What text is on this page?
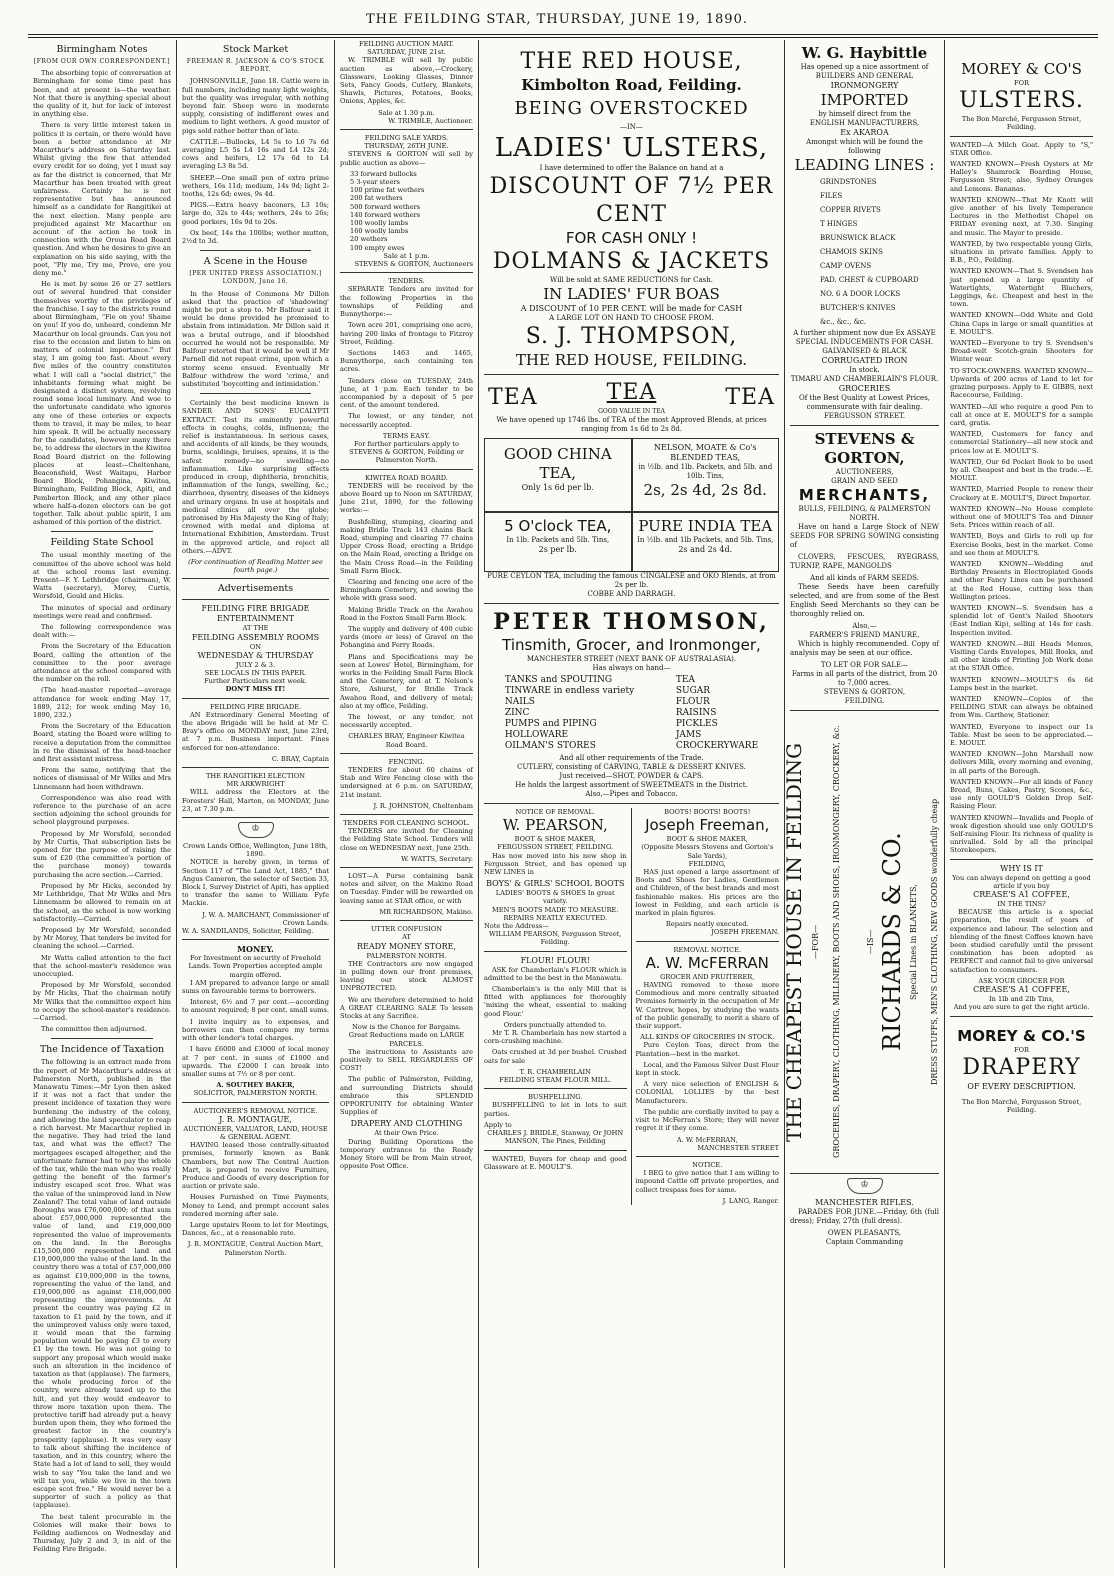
THE FEILDING STAR, THURSDAY, JUNE 19, 1890.
Birmingham Notes
[FROM OUR OWN CORRESPONDENT.]

The absorbing topic of conversation at Birmingham for some time past has been, and at present is—the weather. Not that there is anything special about the quality of it, but for lack of interest in anything else.

There is very little interest taken in politics it is certain, or there would have been a better attendance at Mr Macarthur's address on Saturday last. Whilst giving the few that attended every credit for so doing, yet I must say as far the district is concerned, that Mr Macarthur has been treated with great unfairness. Certainly he is not representative but has announced himself as a candidate for Rangitikei at the next election. Many people are prejudiced against Mr Macarthur on account of the action he took in connection with the Oroua Road Board question. And when he desires to give an explanation on his side saying, with the poet, "Ply me, Try me, Prove, ere you deny me."

He is met by some 26 or 27 settlers out of several hundred that consider themselves worthy of the privileges of the franchise. I say to the districts round about Birmingham, "Fie on you! Shame on you! If you do, unheard, condemn Mr Macarthur on local grounds. Can you not rise to the occasion and listen to him on matters of colonial importance." But stay, I am going too fast. About every five miles of the country constitutes what I will call a "social district," the inhabitants forming what might be designated a distinct system, revolving round some local luminary. And woe to the unfortunate candidate who ignores any one of these coteries or expects them to travel, it may be miles, to hear him speak. It will be actually necessary for the candidates, however many there be, to address the electors in the Kiwitea Road Board district on the following places at least—Cheltenham, Beaconsfield, West Waitapu, Harbor Board Block, Pohangina, Kiwitea, Birmingham, Feilding Block, Apiti, and Pemberton Block, and any other place where half-a-dozen electors can be got together. Talk about public spirit, I am ashamed of this portion of the district.

Feilding State School

The usual monthly meeting of the committee of the above school was held at the school rooms last evening. Present—F. Y. Lethbridge (chairman), W. Watts (secretary), Morey, Curtis, Worsfold, Gould and Hicks.

The minutes of special and ordinary meetings were read and confirmed.

The following correspondence was dealt with:—

From the Secretary of the Education Board, calling the attention of the committee to the poor average attendance at the school compared with the number on the roll.

(The head-master reported—average attendance for week ending May 17, 1889, 212; for week ending May 16, 1890, 232.)

From the Secretary of the Education Board, stating the Board were willing to receive a deputation from the committee in re the dismissal of the head-teacher and first assistant mistress.

From the same, notifying that the notices of dismissal of Mr Wilks and Mrs Linnemann had been withdrawn.

Correspondence was also read with reference to the purchase of an acre section adjoining the school grounds for school playground purposes.

Proposed by Mr Worsfold, seconded by Mr Curtis, That subscription lists be opened for the purpose of raising the sum of £20 (the committee's portion of the purchase money) towards purchasing the acre section.—Carried.

Proposed by Mr Hicks, seconded by Mr Lethbridge, That Mr Wilks and Mrs Linnemann be allowed to remain on at the school, as the school is now working satisfactorily.—Carried.

Proposed by Mr Worsfold, seconded by Mr Morey, That tenders be invited for cleaning the school.—Carried.

Mr Watts called attention to the fact that the school-master's residence was unoccupied.

Proposed by Mr Worsfold, seconded by Mr Hicks, That the chairman notify Mr Wilks that the committee expect him to occupy the school-master's residence.—Carried.

The committee then adjourned.

The Incidence of Taxation

The following is an extract made from the report of Mr Macarthur's address at Palmerston North, published in the Manawatu Times:—Mr Lyon then asked if it was not a fact that under the present incidence of taxation they were burdening the industry of the colony, and allowing the land speculator to reap a rich harvest. Mr Macarthur replied in the negative. They had tried the land tax, and what was the effect? The mortgagees escaped altogether, and the unfortunate farmer had to pay the whole of the tax, while the man who was really getting the benefit of the farmer's industry escaped scot free. What was the value of the unimproved land in New Zealand? The total value of land outside Boroughs was £76,000,000; of that sum about £57,000,000 represented the value of land, and £19,000,000 represented the value of improvements on the land. In the Boroughs £15,500,000 represented land and £19,000,000 the value of the land. In the country there was a total of £57,000,000 as against £19,000,000 in the towns, representing the value of the land, and £19,000,000 as against £18,000,000 representing the improvements. At present the country was paying £2 in taxation to £1 paid by the town, and if the unimproved values only were taxed, it would mean that the farming population would be paying £3 to every £1 by the town. He was not going to support any proposal which would make such an alteration in the incidence of taxation as that (applause). The farmers, the whole producing force of the country, were already taxed up to the hilt, and yet they would endeavor to throw more taxation upon them. The protective tariff had already put a heavy burden upon them, they who formed the greatest factor in the country's prosperity (applause). It was very easy to talk about shifting the incidence of taxation, and in this country, where the State had a lot of land to sell, they would wish to say "You take the land and we will tax you, while we live in the town escape scot free." He would never be a supporter of such a policy as that (applause).

The best talent procurable in the Colonies will make their bows to Feilding audiences on Wednesday and Thursday, July 2 and 3, in aid of the Feilding Fire Brigade.

Stock Market
FREEMAN R. JACKSON & CO'S STOCK REPORT.

JOHNSONVILLE, June 18. Cattle were in full numbers, including many light weights, but the quality was irregular, with nothing beyond fair. Sheep were in moderate supply, consisting of indifferent ewes and medium to light wethers. A good muster of pigs sold rather better than of late.

CATTLE.—Bullocks, L4 5s to L6 7s 6d averaging L5 5s L4 16s and L4 12s 2d; cows and heifers, L2 17s 6d to L4 averaging L3 8s 5d.

SHEEP.—One small pen of extra prime wethers, 16s 11d; medium, 14s 9d; light 2-tooths, 12s 6d; ewes, 9s 4d.

PIGS.—Extra heavy baconers, L3 10s; large do, 32s to 44s; wethers, 24s to 26s; good porkers, 16s 9d to 20s.

Ox beef, 14s the 100lbs; wether mutton, 2½d to 3d.

A Scene in the House
[PER UNITED PRESS ASSOCIATION.] LONDON, June 16.

In the House of Commons Mr Dillon asked that the practice of 'shadowing' might be put a stop to. Mr Balfour said it would be done provided he promised to abstain from intimidation. Mr Dillon said it was a brutal outrage, and if bloodshed occurred he would not be responsible. Mr Balfour retorted that it would be well if Mr Parnell did not repeat crime, upon which a stormy scene ensued. Eventually Mr Balfour withdrew the word 'crime,' and substituted 'boycotting and intimidation.'

Certainly the best medicine known is SANDER AND SONS' EUCALYPTI EXTRACT. Test its eminently powerful effects in coughs, colds, influenza; the relief is instantaneous. In serious cases, and accidents of all kinds, be they wounds, burns, scaldings, bruises, sprains, it is the safest remedy—no swelling—no inflammation. Like surprising effects produced in croup, diphtheria, bronchitis, inflammation of the lungs, swelling, &c.; diarrhoea, dysentry, diseases of the kidneys and urinary organs. In use at hospitals and medical clinics all over the globe; patronised by His Majesty the King of Italy; crowned with medal and diploma at International Exhibition, Amsterdam. Trust in the approved article, and reject all others.—ADVT.

(For continuation of Reading Matter see fourth page.)
Advertisements
FEILDING FIRE BRIGADE ENTERTAINMENT
AT THE
FEILDING ASSEMBLY ROOMS
ON
WEDNESDAY & THURSDAY
JULY 2 & 3.
SEE LOCALS IN THIS PAPER.
Further Particulars next week.
DON'T MISS IT!
FEILDING FIRE BRIGADE.

AN Extraordinary General Meeting of the above Brigade will be held at Mr C. Bray's office on MONDAY next, June 23rd, at 7 p.m. Business important. Fines enforced for non-attendance.

C. BRAY, Captain
THE RANGITIKEI ELECTION
MR ARKWRIGHT

WILL address the Electors at the Foresters' Hall, Marton, on MONDAY, June 23, at 7.30 p.m.

♔
Crown Lands Office, Wellington, June 18th, 1890.

NOTICE is hereby given, in terms of Section 117 of "The Land Act, 1885," that Angus Cameron, the selector of Section 33, Block I, Survey District of Apiti, has applied to transfer the same to William Fyfe Mackie.

J. W. A. MARCHANT, Commissioner of Crown Lands.
W. A. SANDILANDS, Solicitor, Feilding.
MONEY.
For Investment on security of Freehold Lands. Town Properties accepted ample margin offered.

I AM prepared to advance large or small sums on favourable terms to borrowers.

Interest, 6½ and 7 per cent.—according to amount required; 8 per cent. small sums.

I invite inquiry as to expenses, and borrowers can then compare my terms with other lender's total charges.

I have £6000 and £3000 of local money at 7 per cent. in sums of £1000 and upwards. The £2000 I can break into smaller sums at 7½ or 8 per cent.

A. SOUTHEY BAKER,
SOLICITOR, PALMERSTON NORTH.
AUCTIONEER'S REMOVAL NOTICE.
J. R. MONTAGUE,
AUCTIONEER, VALUATOR, LAND, HOUSE & GENERAL AGENT.

HAVING leased those centrally-situated premises, formerly known as Bank Chambers, but now The Central Auction Mart, is prepared to receive Furniture, Produce and Goods of every description for auction or private sale.

Houses Furnished on Time Payments, Money to Lend, and prompt account sales rendered morning after sale.

Large upstairs Room to let for Meetings, Dances, &c., at a reasonable rate.

J. R. MONTAGUE, Central Auction Mart, Palmerston North.
FEILDING AUCTION MART.
SATURDAY, JUNE 21st.

W. TRIMBLE will sell by public auction as above,—Crockery, Glassware, Looking Glasses, Dinner Sets, Fancy Goods, Cutlery, Blankets, Shawls, Pictures, Potatoes, Books, Onions, Apples, &c.

Sale at 1.30 p.m.
W. TRIMBLE, Auctioneer.
FEILDING SALE YARDS.
THURSDAY, 26TH JUNE.

STEVENS & GORTON will sell by public auction as above—

33 forward bullocks
5 3-year steers
100 prime fat wethers
200 fat wethers
500 forward wethers
140 forward wethers
100 woolly lambs
160 woolly lambs
20 wethers
100 empty ewes
Sale at 1 p.m.
STEVENS & GORTON, Auctioneers
TENDERS.

SEPARATE Tenders are invited for the following Properties in the townships of Feilding and Bunnythorpe:—

Town acre 201, comprising one acre, having 200 links of frontage to Fitzroy Street, Feilding.

Sections 1463 and 1465, Bunnythorpe, each containing ten acres.

Tenders close on TUESDAY, 24th June, at 1 p.m. Each tender to be accompanied by a deposit of 5 per cent. of the amount tendered.

The lowest, or any tender, not necessarily accepted.

TERMS EASY.
For further particulars apply to
STEVENS & GORTON, Feilding or Palmerston North.
KIWITEA ROAD BOARD.

TENDERS will be received by the above Board up to Noon on SATURDAY, June 21st, 1890, for the following works:—

Bushfelling, stumping, clearing and making Bridle Track 143 chains Back Road, stumping and clearing 77 chains Upper Cross Road, erecting a Bridge on the Main Road, erecting a Bridge on the Main Cross Road—in the Feilding Small Farm Block.

Clearing and fencing one acre of the Birmingham Cemetery, and sowing the whole with grass seed.

Making Bridle Track on the Awahou Road in the Foxton Small Farm Block.

The supply and delivery of 400 cubic yards (more or less) of Gravel on the Pohangina and Ferry Roads.

Plans and Specifications may be seen at Lowes' Hotel, Birmingham, for works in the Feilding Small Farm Block and the Cemetery, and at T. Nelson's Store, Ashurst, for Bridle Track Awahou Road, and delivery of metal; also at my office, Feilding.

The lowest, or any tender, not necessarily accepted.

CHARLES BRAY, Engineer Kiwitea Road Board.
FENCING.

TENDERS for about 60 chains of Stab and Wire Fencing close with the undersigned at 6 p.m. on SATURDAY, 21st instant.

J. R. JOHNSTON, Cheltenham
TENDERS FOR CLEANING SCHOOL.

TENDERS are invited for Cleaning the Feilding State School. Tenders will close on WEDNESDAY next, June 25th.

W. WATTS, Secretary.

LOST—A Purse containing bank notes and silver, on the Makino Road on Tuesday. Finder will be rewarded on leaving same at STAR office, or with

MR RICHARDSON, Makino.
UTTER CONFUSION
AT
READY MONEY STORE,
PALMERSTON NORTH.

THE Contractors are now engaged in pulling down our front premises, leaving our stock ALMOST UNPROTECTED.

We are therefore determined to hold A GREAT CLEARING SALE To lessen Stocks at any Sacrifice.

Now is the Chance for Bargains.
Great Reductions made on LARGE PARCELS.

The instructions to Assistants are positively to SELL REGARDLESS OF COST!

The public of Palmerston, Feilding, and surrounding Districts should embrace this SPLENDID OPPORTUNITY for obtaining Winter Supplies of

DRAPERY AND CLOTHING
At their Own Price.

During Building Operations the temporary entrance to the Ready Money Store will be from Main street, opposite Post Office.

THE RED HOUSE,
Kimbolton Road, Feilding.
BEING OVERSTOCKED
—IN—
LADIES' ULSTERS,
I have determined to offer the Balance on hand at a
DISCOUNT OF 7½ PER CENT
FOR CASH ONLY !
DOLMANS & JACKETS
Will be sold at SAME REDUCTIONS for Cash.
IN LADIES' FUR BOAS
A DISCOUNT of 10 PER CENT. will be made for CASH
A LARGE LOT ON HAND TO CHOOSE FROM.
S. J. THOMPSON,
THE RED HOUSE, FEILDING.
TEA	TEA
GOOD VALUE IN TEA
TEA
We have opened up 1746 lbs. of TEA of the most Approved Blends, at prices ranging from 1s 6d to 2s 8d.
GOOD CHINA TEA,
Only 1s 6d per lb.
NELSON, MOATE & Co's BLENDED TEAS,
in ½lb. and 1lb. Packets, and 5lb. and 10lb. Tins,
2s, 2s 4d, 2s 8d.
5 O'clock TEA,
In 1lb. Packets and 5lb. Tins,
2s per lb.
PURE INDIA TEA
In ½lb. and 1lb Packets, and 5lb. Tins,
2s and 2s 4d.
PURE CEYLON TEA, including the famous CINGALESE and OKO Blends, at from 2s per lb.
COBBE AND DARRAGH.
PETER THOMSON,
Tinsmith, Grocer, and Ironmonger,
MANCHESTER STREET (NEXT BANK OF AUSTRALASIA).
Has always on hand—
TANKS and SPOUTING
TINWARE in endless variety
NAILS
ZINC
PUMPS and PIPING
HOLLOWARE
OILMAN'S STORES
TEA
SUGAR
FLOUR
RAISINS
PICKLES
JAMS
CROCKERYWARE
And all other requirements of the Trade.
CUTLERY, consisting of CARVING, TABLE & DESSERT KNIVES.
Just received—SHOT, POWDER & CAPS.
He holds the largest assortment of SWEETMEATS in the District.
Also,—Pipes and Tobacco.
NOTICE OF REMOVAL.
W. PEARSON,
BOOT & SHOE MAKER,
FERGUSSON STREET, FEILDING.

Has now moved into his new shop in Fergusson Street, and has opened up NEW LINES in

BOYS' & GIRLS' SCHOOL BOOTS
LADIES' BOOTS & SHOES In great variety.
MEN'S BOOTS MADE TO MEASURE.
REPAIRS NEATLY EXECUTED.
Note the Address—
WILLIAM PEARSON, Fergusson Street, Feilding.
FLOUR! FLOUR!

ASK for Chamberlain's FLOUR which is admitted to be the best in the Manawatu.

Chamberlain's is the only Mill that is fitted with appliances for thoroughly 'mixing the wheat, essential to making good Flour.'

Orders punctually attended to.

Mr T. R. Chamberlain has now started a corn-crushing machine.

Oats crushed at 3d per bushel. Crushed oats for sale

T. R. CHAMBERLAIN
FEILDING STEAM FLOUR MILL.
BUSHFELLING.

BUSHFELLING to let in lots to suit parties.

Apply to
CHARLES J. BRIDLE, Stanway, Or JOHN MANSON, The Pines, Feilding

WANTED, Buyers for cheap and good Glassware at E. MOULT'S.

BOOTS! BOOTS! BOOTS!
Joseph Freeman,
BOOT & SHOE MAKER,
(Opposite Messrs Stevens and Gorton's Sale Yards),
FEILDING,

HAS just opened a large assortment of Boots and Shoes for Ladies, Gentlemen and Children, of the best brands and most fashionable makes. His prices are the lowest in Feilding, and each article is marked in plain figures.

Repairs neatly executed.
JOSEPH FREEMAN.
REMOVAL NOTICE.
A. W. McFERRAN
GROCER AND FRUITERER,

HAVING removed to those more Commodious and more centrally situated Premises formerly in the occupation of Mr W. Cartrew, hopes, by studying the wants of the public generally, to merit a share of their support.

ALL KINDS OF GROCERIES IN STOCK.

Pure Ceylon Teas, direct from the Plantation—best in the market.

Local, and the Famous Silver Dust Flour kept in stock.

A very nice selection of ENGLISH & COLONIAL LOLLIES by the best Manufacturers.

The public are cordially invited to pay a visit to McFerran's Store; they will never regret it if they come.

A. W. McFERRAN,
MANCHESTER STREET
NOTICE.

I BEG to give notice that I am willing to impound Cattle off private properties, and collect trespass fees for same.

J. LANG, Ranger.
W. G. Haybittle
Has opened up a nice assortment of
BUILDERS AND GENERAL
IRONMONGERY
IMPORTED
by himself direct from the
ENGLISH MANUFACTURERS,
Ex AKAROA
Amongst which will be found the following
LEADING LINES :
GRINDSTONES
FILES
COPPER RIVETS
T HINGES
BRUNSWICK BLACK
CHAMOIS SKINS
CAMP OVENS
PAD. CHEST & CUPBOARD
NO. 6 A DOOR LOCKS
BUTCHER'S KNIVES
&c., &c., &c.
A further shipment now due Ex ASSAYE
SPECIAL INDUCEMENTS FOR CASH.
GALVANISED & BLACK
CORRUGATED IRON
In stock.
TIMARU AND CHAMBERLAIN'S FLOUR.
GROCERIES
Of the Best Quality at Lowest Prices, commensurate with fair dealing.
FERGUSSON STREET.
STEVENS & GORTON,
AUCTIONEERS,
GRAIN AND SEED
MERCHANTS,
BULLS, FEILDING, & PALMERSTON NORTH.

Have on hand a Large Stock of NEW SEEDS FOR SPRING SOWING consisting of

CLOVERS, FESCUES, RYEGRASS, TURNIP, RAPE, MANGOLDS

And all kinds of FARM SEEDS.

These Seeds have been carefully selected, and are from some of the Best English Seed Merchants so they can be thoroughly relied on.

Also,—
FARMER'S FRIEND MANURE,

Which is highly recommended. Copy of analysis may be seen at our office.

TO LET OR FOR SALE—
Farms in all parts of the district, from 20 to 7,000 acres.
STEVENS & GORTON,
FEILDING.
THE CHEAPEST HOUSE IN FEILDING —FOR— GROCERIES, DRAPERY, CLOTHING, MILLINERY, BOOTS AND SHOES, IRONMONGERY, CROCKERY, &c.	—IS— RICHARDS & CO. Special Lines in BLANKETS, DRESS STUFFS, MEN'S CLOTHING, NEW GOODS wonderfully cheap
♔
MANCHESTER RIFLES.

PARADES FOR JUNE.—Friday, 6th (full dress); Friday, 27th (full dress).

OWEN PLEASANTS,
Captain Commanding
MOREY & CO'S
FOR
ULSTERS.
The Bon Marché, Fergusson Street, Feilding.
WANTED—A Milch Goat. Apply to "S," STAR Office.
WANTED KNOWN—Fresh Oysters at Mr Halley's Shamrock Boarding House, Fergusson Street; also, Sydney Oranges and Lemons. Bananas.
WANTED KNOWN—That Mr Knott will give another of his lively Temperance Lectures in the Methodist Chapel on FRIDAY evening next, at 7.30. Singing and music. The Mayor to preside.
WANTED, by two respectable young Girls, situations in private families. Apply to B.B., P.O., Feilding.
WANTED KNOWN—That S. Svendsen has just opened up a large quantity of Watertights, Watertight Bluchers, Leggings, &c. Cheapest and best in the town.
WANTED KNOWN—Odd White and Gold China Cups in large or small quantities at E. MOULT'S.
WANTED—Everyone to try S. Svendsen's Broad-welt Scotch-grain Shooters for Winter wear.
TO STOCK-OWNERS. WANTED KNOWN—Upwards of 200 acres of Land to let for grazing purposes. Apply to E. GIBBS, next Racecourse, Feilding.
WANTED—All who require a good Pen to call at once at E. MOULT'S for a sample card, gratis.
WANTED, Customers for fancy and commercial Stationery—all new stock and prices low at E. MOULT'S.
WANTED, Our 6d Pocket Book to be used by all. Cheapest and best in the trade.—E. MOULT.
WANTED, Married People to renew their Crockery at E. MOULT'S, Direct Importer.
WANTED KNOWN—No House complete without one of MOULT'S Tea and Dinner Sets. Prices within reach of all.
WANTED, Boys and Girls to roll up for Exercise Books, best in the market. Come and see them at MOULT'S.
WANTED KNOWN—Wedding and Birthday Presents in Electroplated Goods and other Fancy Lines can be purchased at the Red House, cutting less than Wellington prices.
WANTED KNOWN—S. Svendsen has a splendid lot of Gent's Nailed Shooters (East Indian Kip), selling at 14s for cash. Inspection invited.
WANTED KNOWN.—Bill Heads Memos, Visiting Cards Envelopes, Mill Books, and all other kinds of Printing Job Work done at the STAR Office.
WANTED KNOWN—MOULT'S 6s 6d Lamps best in the market.
WANTED KNOWN—Copies of the FEILDING STAR can always be obtained from Wm. Carthew, Stationer.
WANTED, Everyone to inspect our 1s Table. Must be seen to be appreciated.—E. MOULT.
WANTED KNOWN—John Marshall now delivers Milk, every morning and evening, in all parts of the Borough.
WANTED KNOWN—For all kinds of Fancy Bread, Buns, Cakes, Pastry, Scones, &c., use only GOULD'S Golden Drop Self-Raising Flour.
WANTED KNOWN—Invalids and People of weak digestion should use only GOULD'S Self-raising Flour. Its richness of quality is unrivalled. Sold by all the principal Storekeepers.
WHY IS IT
You can always depend on getting a good article if you buy
CREASE'S A1 COFFEE,
IN THE TINS?

BECAUSE this article is a special preparation, the result of years of experience and labour. The selection and blending of the finest Coffees known have been studied carefully until the present combination has been adopted as PERFECT and cannot fail to give universal satisfaction to consumers.

ASK YOUR GROCER FOR
CREASE'S A1 COFFEE,
In 1lb and 2lb Tins,
And you are sure to get the right article.
MOREY & CO.'S
FOR
DRAPERY
OF EVERY DESCRIPTION.
The Bon Marché, Fergusson Street, Feilding.
